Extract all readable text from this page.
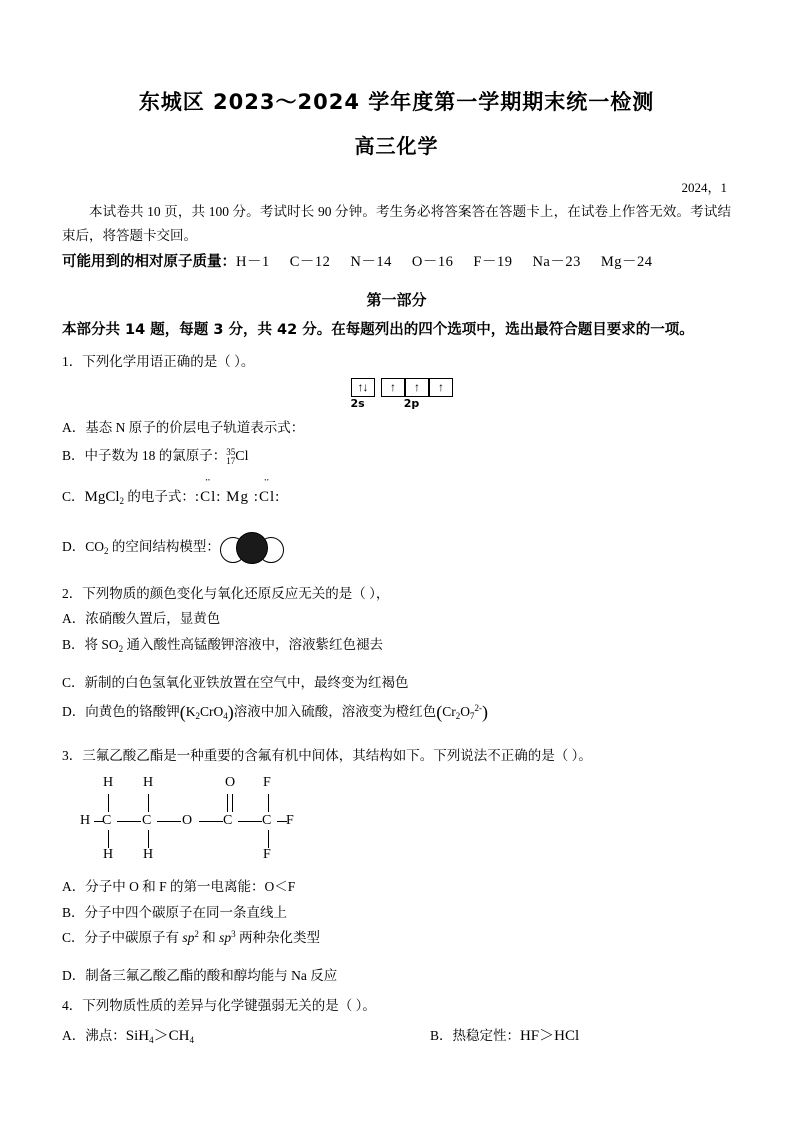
东城区 2023～2024 学年度第一学期期末统一检测
高三化学
2024，1
本试卷共 10 页，共 100 分。考试时长 90 分钟。考生务必将答案答在答题卡上，在试卷上作答无效。考试结束后，将答题卡交回。
可能用到的相对原子质量：H－1 C－12 N－14 O－16 F－19 Na－23 Mg－24
第一部分
本部分共 14 题，每题 3 分，共 42 分。在每题列出的四个选项中，选出最符合题目要求的一项。
1．下列化学用语正确的是（ ）。
↑↓	↑	↑	↑
2s	2p
A．基态 N 原子的价层电子轨道表示式：
B．中子数为 18 的氯原子： 35
17 Cl
C．MgCl$_2$ 的电子式：:¨ Cl: Mg :¨ Cl:
D．$CO_2$ 的空间结构模型：
2．下列物质的颜色变化与氧化还原反应无关的是（ ），
A．浓硝酸久置后，显黄色
B．将 $SO_2$ 通入酸性高锰酸钾溶液中，溶液紫红色褪去
C．新制的白色氢氧化亚铁放置在空气中，最终变为红褐色
D．向黄色的铬酸钾$(K_2CrO_4)$溶液中加入硫酸，溶液变为橙红色$(Cr_2O_7^{2-})$
3．三氟乙酸乙酯是一种重要的含氟有机中间体，其结构如下。下列说法不正确的是（ ）。
H H	O F
H C C O C C F
H H	F
A．分子中 O 和 F 的第一电离能：O＜F
B．分子中四个碳原子在同一条直线上
C．分子中碳原子有 $sp^2$ 和 $sp^3$ 两种杂化类型
D．制备三氟乙酸乙酯的酸和醇均能与 Na 反应
4．下列物质性质的差异与化学键强弱无关的是（ ）。
A．沸点：$SiH_4>CH_4$	B．热稳定性：HF＞HCl
